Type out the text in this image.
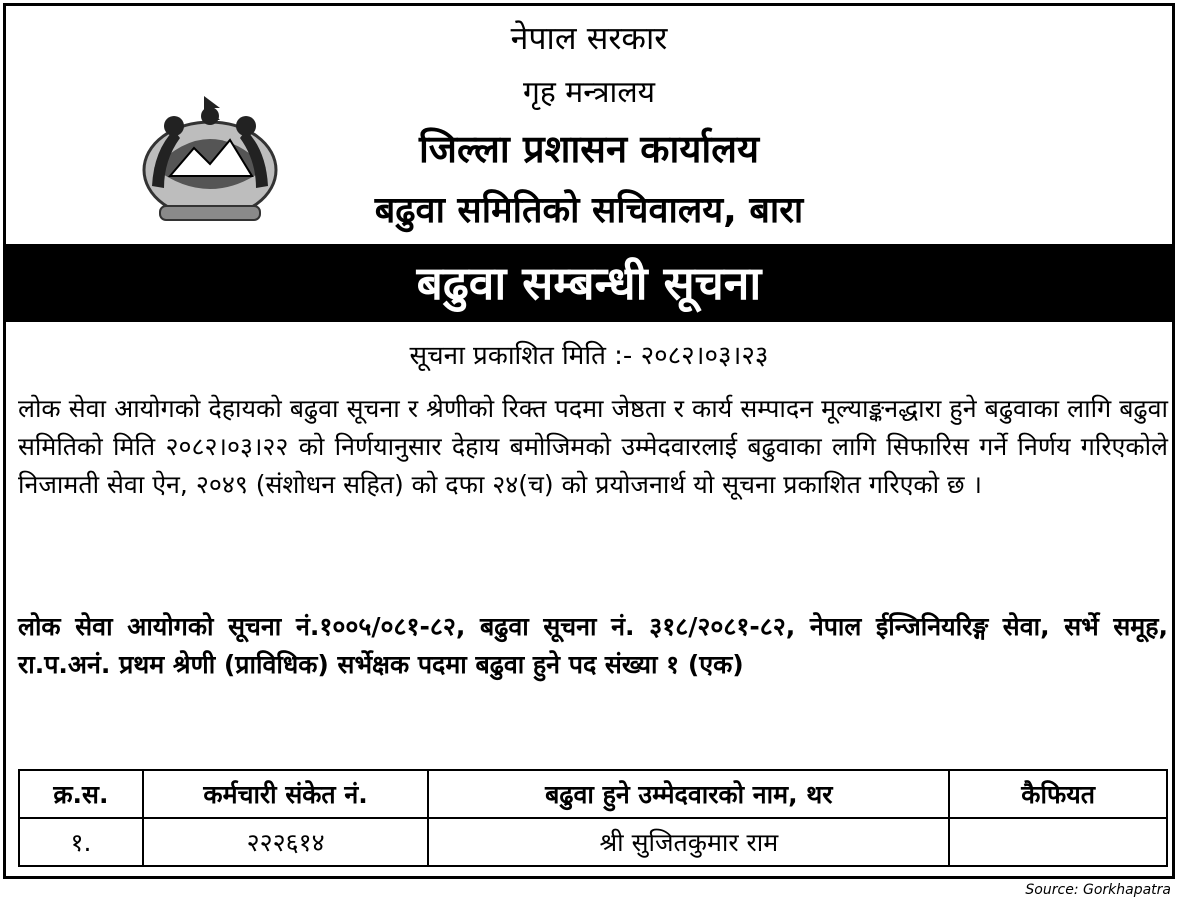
नेपाल सरकार
गृह मन्त्रालय
जिल्ला प्रशासन कार्यालय
बढुवा समितिको सचिवालय, बारा
बढुवा सम्बन्धी सूचना
सूचना प्रकाशित मिति :- २०८२।०३।२३
लोक सेवा आयोगको देहायको बढुवा सूचना र श्रेणीको रिक्त पदमा जेष्ठता र कार्य सम्पादन मूल्याङ्कनद्धारा हुने बढुवाका लागि बढुवा समितिको मिति २०८२।०३।२२ को निर्णयानुसार देहाय बमोजिमको उम्मेदवारलाई बढुवाका लागि सिफारिस गर्ने निर्णय गरिएकोले निजामती सेवा ऐन, २०४९ (संशोधन सहित) को दफा २४(च) को प्रयोजनार्थ यो सूचना प्रकाशित गरिएको छ ।
लोक सेवा आयोगको सूचना नं.१००५/०८१-८२, बढुवा सूचना नं. ३१८/२०८१-८२, नेपाल ईन्जिनियरिङ्ग सेवा, सर्भे समूह, रा.प.अनं. प्रथम श्रेणी (प्राविधिक) सर्भेक्षक पदमा बढुवा हुने पद संख्या १ (एक)
क्र.स.	कर्मचारी संकेत नं.	बढुवा हुने उम्मेदवारको नाम, थर	कैफियत
१.	२२२६१४	श्री सुजितकुमार राम	
Source: Gorkhapatra
